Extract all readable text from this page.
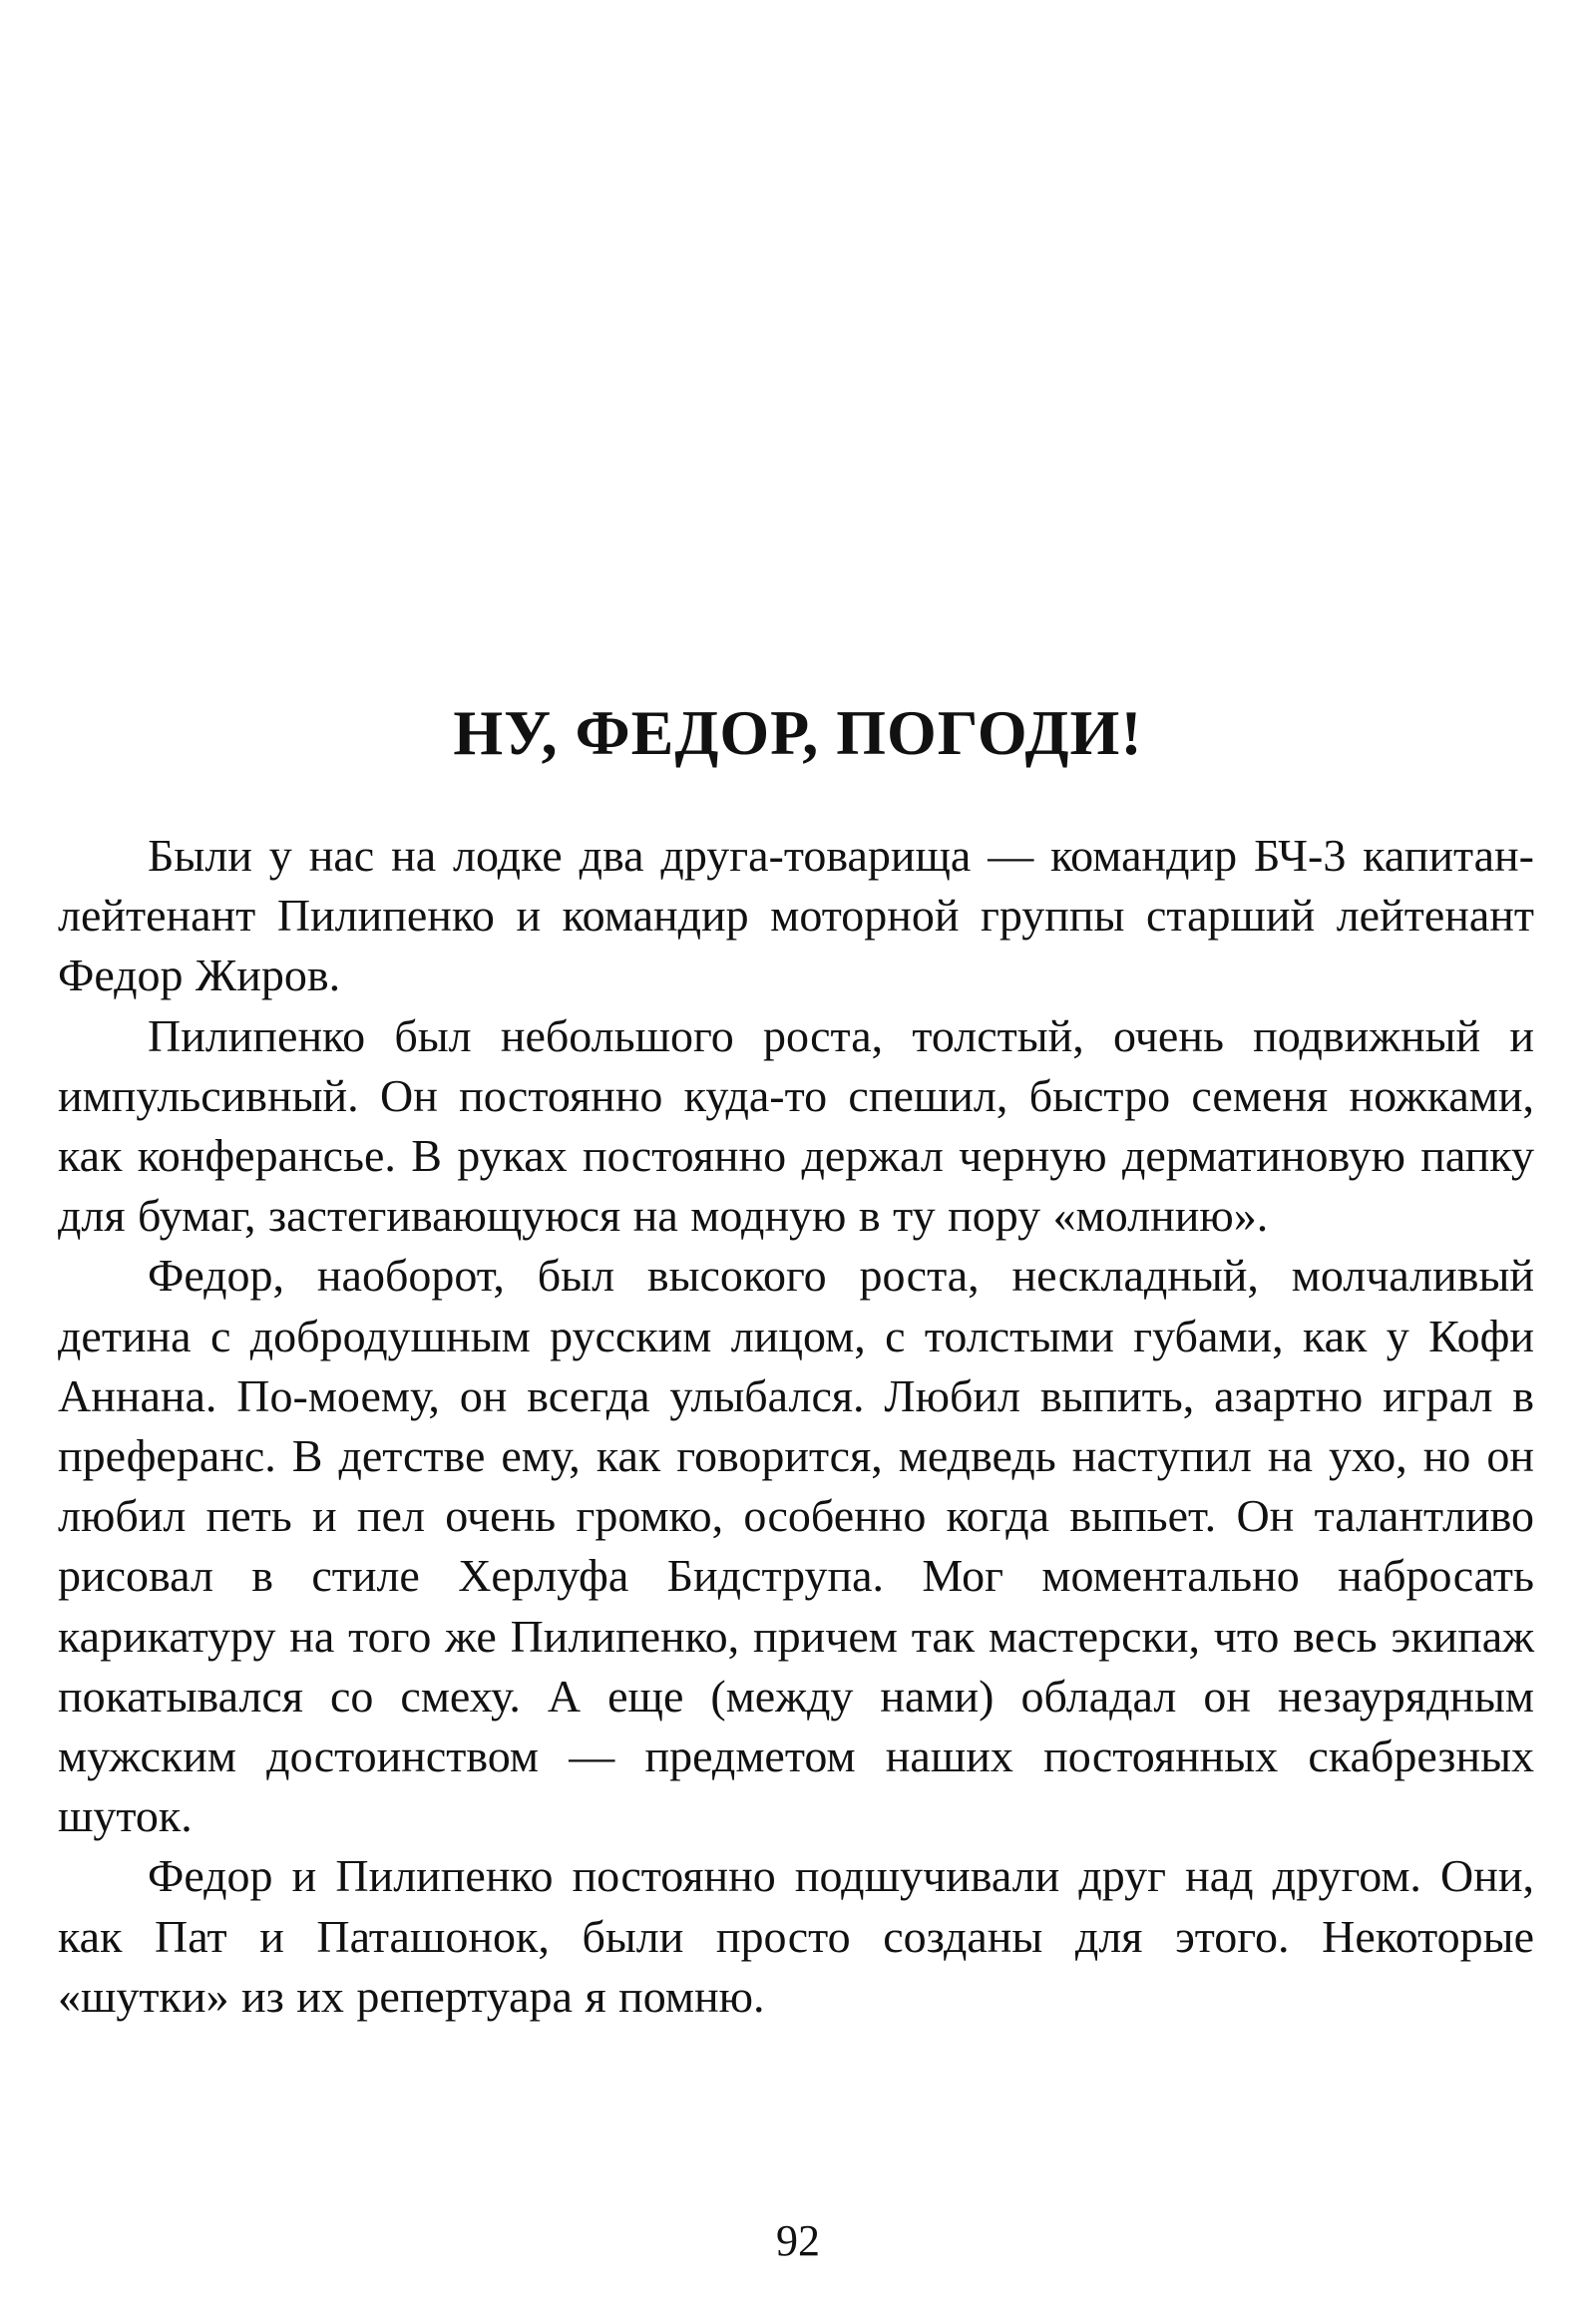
НУ, ФЕДОР, ПОГОДИ!

Были у нас на лодке два друга-товарища — командир БЧ-3 капитан-лейтенант Пилипенко и командир моторной группы старший лейтенант Федор Жиров.

Пилипенко был небольшого роста, толстый, очень подвижный и импульсивный. Он постоянно куда-то спешил, быстро семеня ножками, как конферансье. В руках постоянно держал черную дерматиновую папку для бумаг, застегивающуюся на модную в ту пору «молнию».

Федор, наоборот, был высокого роста, нескладный, молчаливый детина с добродушным русским лицом, с толстыми губами, как у Кофи Аннана. По-моему, он всегда улыбался. Любил выпить, азартно играл в преферанс. В детстве ему, как говорится, медведь наступил на ухо, но он любил петь и пел очень громко, особенно когда выпьет. Он талантливо рисовал в стиле Херлуфа Бидструпа. Мог моментально набросать карикатуру на того же Пилипенко, причем так мастерски, что весь экипаж покатывался со смеху. А еще (между нами) обладал он незаурядным мужским достоинством — предметом наших постоянных скабрезных шуток.

Федор и Пилипенко постоянно подшучивали друг над другом. Они, как Пат и Паташонок, были просто созданы для этого. Некоторые «шутки» из их репертуара я помню.

92
